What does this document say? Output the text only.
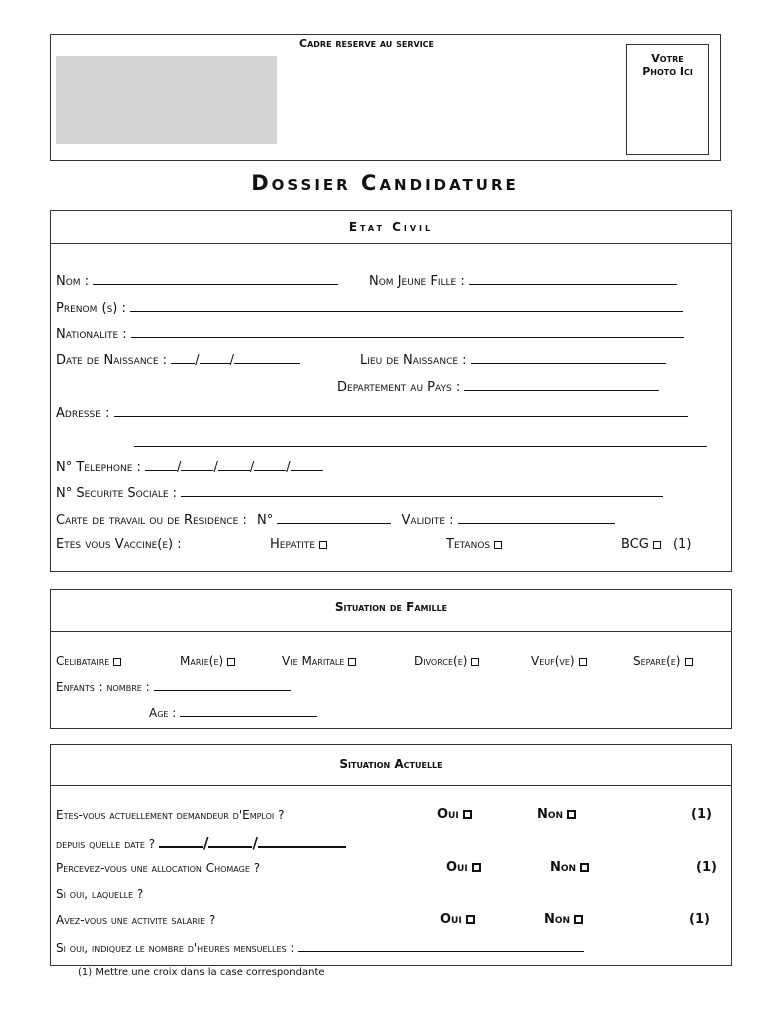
Cadre reserve au service
Votre
Photo Ici
Dossier Candidature
Etat Civil
Nom :	Nom Jeune Fille :
Prenom (s) :
Nationalite :
Date de Naissance : / /	Lieu de Naissance :
Departement au Pays :
Adresse :
N° Telephone :	/ / / /
N° Securite Sociale :
Carte de travail ou de Residence : N°	Validite :
Etes vous Vaccine(e) :	Hepatite	Tetanos	BCG (1)
Situation de Famille
Celibataire	Marie(e)	Vie Maritale	Divorce(e)	Veuf(ve)	Separe(e)
Enfants : nombre :
Age :
Situation Actuelle
Etes-vous actuellement demandeur d'Emploi ?	Oui	Non	(1)
depuis quelle date ?	/	/
Percevez-vous une allocation Chomage ?	Oui	Non	(1)
Si oui, laquelle ?
Avez-vous une activite salarie ?	Oui	Non	(1)
Si oui, indiquez le nombre d'heures mensuelles :
(1) Mettre une croix dans la case correspondante
